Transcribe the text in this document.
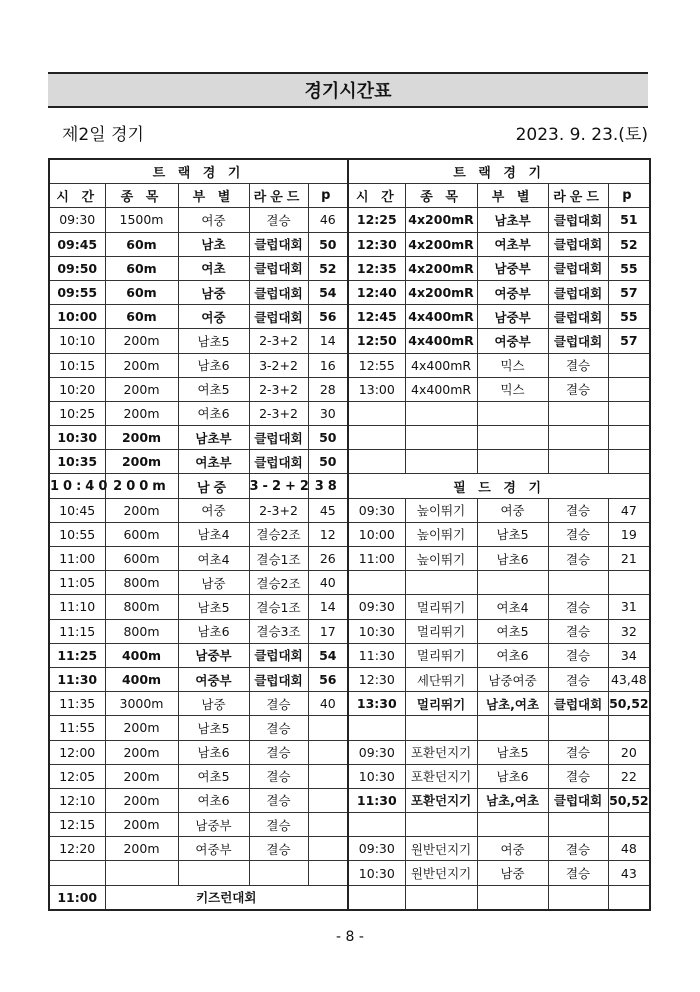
경기시간표
제2일 경기	2023. 9. 23.(토)
트 랙 경 기					트 랙 경 기				
시 간	종 목	부 별	라운드	p	시 간	종 목	부 별	라운드	p
09:30	1500m	여중	결승	46	12:25	4x200mR	남초부	클럽대회	51
09:45	60m	남초	클럽대회	50	12:30	4x200mR	여초부	클럽대회	52
09:50	60m	여초	클럽대회	52	12:35	4x200mR	남중부	클럽대회	55
09:55	60m	남중	클럽대회	54	12:40	4x200mR	여중부	클럽대회	57
10:00	60m	여중	클럽대회	56	12:45	4x400mR	남중부	클럽대회	55
10:10	200m	남초5	2-3+2	14	12:50	4x400mR	여중부	클럽대회	57
10:15	200m	남초6	3-2+2	16	12:55	4x400mR	믹스	결승	
10:20	200m	여초5	2-3+2	28	13:00	4x400mR	믹스	결승	
10:25	200m	여초6	2-3+2	30					
10:30	200m	남초부	클럽대회	50					
10:35	200m	여초부	클럽대회	50					
10:40	200m	남중	3-2+2	38	필 드 경 기				
10:45	200m	여중	2-3+2	45	09:30	높이뛰기	여중	결승	47
10:55	600m	남초4	결승2조	12	10:00	높이뛰기	남초5	결승	19
11:00	600m	여초4	결승1조	26	11:00	높이뛰기	남초6	결승	21
11:05	800m	남중	결승2조	40					
11:10	800m	남초5	결승1조	14	09:30	멀리뛰기	여초4	결승	31
11:15	800m	남초6	결승3조	17	10:30	멀리뛰기	여초5	결승	32
11:25	400m	남중부	클럽대회	54	11:30	멀리뛰기	여초6	결승	34
11:30	400m	여중부	클럽대회	56	12:30	세단뛰기	남중여중	결승	43,48
11:35	3000m	남중	결승	40	13:30	멀리뛰기	남초,여초	클럽대회	50,52
11:55	200m	남초5	결승						
12:00	200m	남초6	결승		09:30	포환던지기	남초5	결승	20
12:05	200m	여초5	결승		10:30	포환던지기	남초6	결승	22
12:10	200m	여초6	결승		11:30	포환던지기	남초,여초	클럽대회	50,52
12:15	200m	남중부	결승						
12:20	200m	여중부	결승		09:30	원반던지기	여중	결승	48
					10:30	원반던지기	남중	결승	43
11:00	키즈런대회								
- 8 -
